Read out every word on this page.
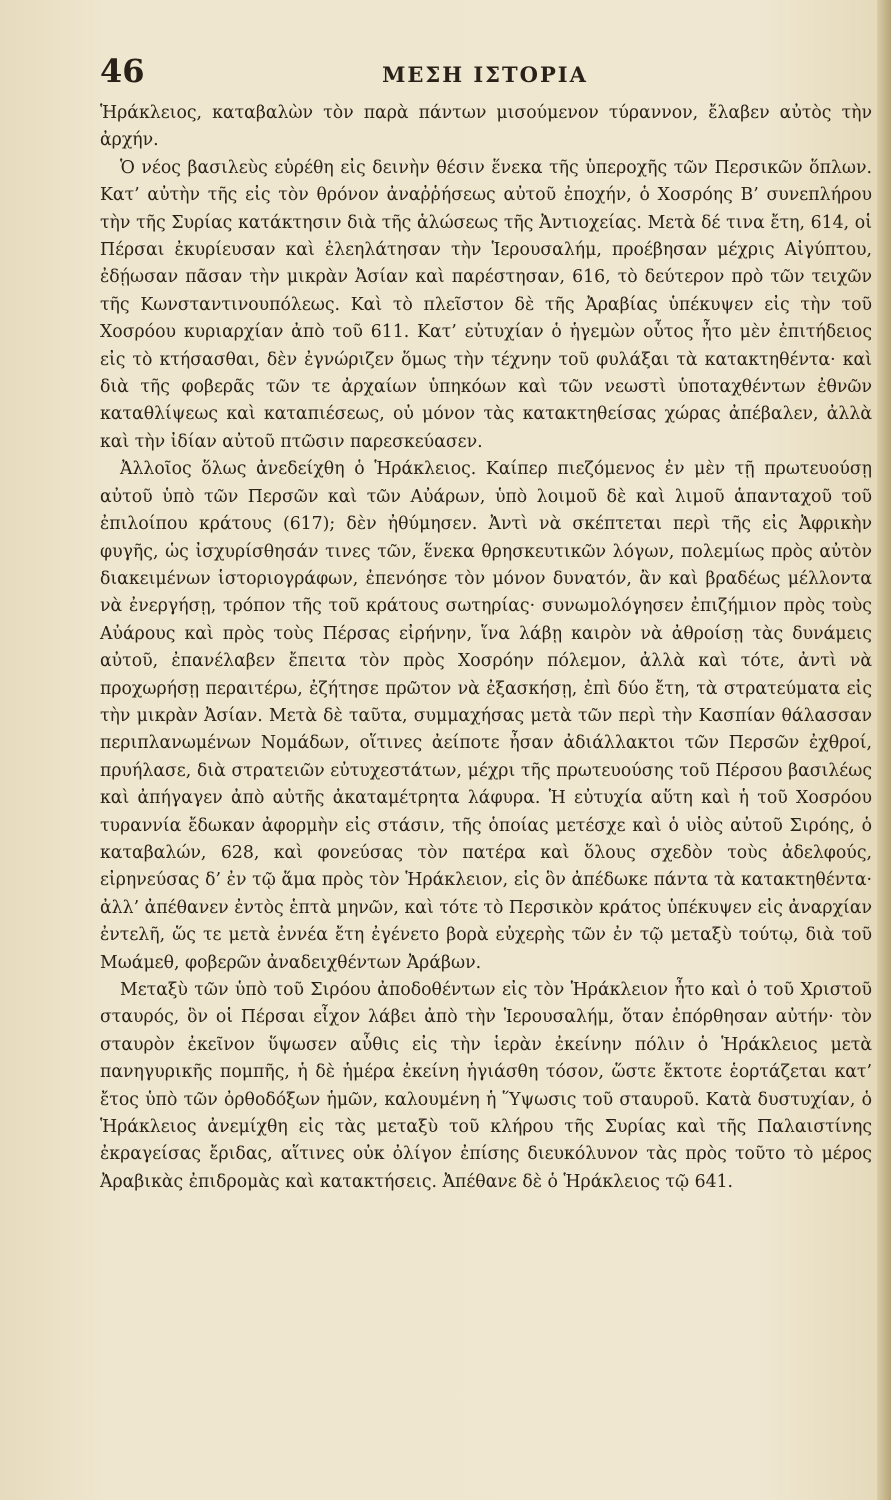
46	ΜΕΣΗ ΙΣΤΟΡΙΑ

Ἡράκλειος, καταβαλὼν τὸν παρὰ πάντων μισούμενον τύραννον, ἔλαβεν αὐτὸς τὴν ἀρχήν.

Ὁ νέος βασιλεὺς εὑρέθη εἰς δεινὴν θέσιν ἕνεκα τῆς ὑπεροχῆς τῶν Περσικῶν ὅπλων. Κατ’ αὐτὴν τῆς εἰς τὸν θρόνον ἀναῤῥήσεως αὐτοῦ ἐποχήν, ὁ Χοσρόης Β’ συνεπλήρου τὴν τῆς Συρίας κατάκτησιν διὰ τῆς ἁλώσεως τῆς Ἀντιοχείας. Μετὰ δέ τινα ἔτη, 614, οἱ Πέρσαι ἐκυρίευσαν καὶ ἐλεηλάτησαν τὴν Ἱερουσαλήμ, προέβησαν μέχρις Αἰγύπτου, ἐδῄωσαν πᾶσαν τὴν μικρὰν Ἀσίαν καὶ παρέστησαν, 616, τὸ δεύτερον πρὸ τῶν τειχῶν τῆς Κωνσταντινουπόλεως. Καὶ τὸ πλεῖστον δὲ τῆς Ἀραβίας ὑπέκυψεν εἰς τὴν τοῦ Χοσρόου κυριαρχίαν ἀπὸ τοῦ 611. Κατ’ εὐτυχίαν ὁ ἡγεμὼν οὗτος ἦτο μὲν ἐπιτήδειος εἰς τὸ κτήσασθαι, δὲν ἐγνώριζεν ὅμως τὴν τέχνην τοῦ φυλάξαι τὰ κατακτηθέντα· καὶ διὰ τῆς φοβερᾶς τῶν τε ἀρχαίων ὑπηκόων καὶ τῶν νεωστὶ ὑποταχθέντων ἐθνῶν καταθλίψεως καὶ καταπιέσεως, οὐ μόνον τὰς κατακτηθείσας χώρας ἀπέβαλεν, ἀλλὰ καὶ τὴν ἰδίαν αὐτοῦ πτῶσιν παρεσκεύασεν.

Ἀλλοῖος ὅλως ἀνεδείχθη ὁ Ἡράκλειος. Καίπερ πιεζόμενος ἐν μὲν τῇ πρωτευούσῃ αὐτοῦ ὑπὸ τῶν Περσῶν καὶ τῶν Αὐάρων, ὑπὸ λοιμοῦ δὲ καὶ λιμοῦ ἁπανταχοῦ τοῦ ἐπιλοίπου κράτους (617); δὲν ἠθύμησεν. Ἀντὶ νὰ σκέπτεται περὶ τῆς εἰς Ἀφρικὴν φυγῆς, ὡς ἰσχυρίσθησάν τινες τῶν, ἕνεκα θρησκευτικῶν λόγων, πολεμίως πρὸς αὐτὸν διακειμένων ἱστοριογράφων, ἐπενόησε τὸν μόνον δυνατόν, ἂν καὶ βραδέως μέλλοντα νὰ ἐνεργήσῃ, τρόπον τῆς τοῦ κράτους σωτηρίας· συνωμολόγησεν ἐπιζήμιον πρὸς τοὺς Αὐάρους καὶ πρὸς τοὺς Πέρσας εἰρήνην, ἵνα λάβῃ καιρὸν νὰ ἀθροίσῃ τὰς δυνάμεις αὐτοῦ, ἐπανέλαβεν ἔπειτα τὸν πρὸς Χοσρόην πόλεμον, ἀλλὰ καὶ τότε, ἀντὶ νὰ προχωρήσῃ περαιτέρω, ἐζήτησε πρῶτον νὰ ἐξασκήσῃ, ἐπὶ δύο ἔτη, τὰ στρατεύματα εἰς τὴν μικρὰν Ἀσίαν. Μετὰ δὲ ταῦτα, συμμαχήσας μετὰ τῶν περὶ τὴν Κασπίαν θάλασσαν περιπλανωμένων Νομάδων, οἵτινες ἀείποτε ἦσαν ἀδιάλλακτοι τῶν Περσῶν ἐχθροί, πρυήλασε, διὰ στρατειῶν εὐτυχεστάτων, μέχρι τῆς πρωτευούσης τοῦ Πέρσου βασιλέως καὶ ἀπήγαγεν ἀπὸ αὐτῆς ἀκαταμέτρητα λάφυρα. Ἡ εὐτυχία αὕτη καὶ ἡ τοῦ Χοσρόου τυραννία ἔδωκαν ἀφορμὴν εἰς στάσιν, τῆς ὁποίας μετέσχε καὶ ὁ υἱὸς αὐτοῦ Σιρόης, ὁ καταβαλών, 628, καὶ φονεύσας τὸν πατέρα καὶ ὅλους σχεδὸν τοὺς ἀδελφούς, εἰρηνεύσας δ’ ἐν τῷ ἅμα πρὸς τὸν Ἡράκλειον, εἰς ὃν ἀπέδωκε πάντα τὰ κατακτηθέντα· ἀλλ’ ἀπέθανεν ἐντὸς ἑπτὰ μηνῶν, καὶ τότε τὸ Περσικὸν κράτος ὑπέκυψεν εἰς ἀναρχίαν ἐντελῆ, ὥς τε μετὰ ἐννέα ἔτη ἐγένετο βορὰ εὐχερὴς τῶν ἐν τῷ μεταξὺ τούτῳ, διὰ τοῦ Μωάμεθ, φοβερῶν ἀναδειχθέντων Ἀράβων.

Μεταξὺ τῶν ὑπὸ τοῦ Σιρόου ἀποδοθέντων εἰς τὸν Ἡράκλειον ἦτο καὶ ὁ τοῦ Χριστοῦ σταυρός, ὃν οἱ Πέρσαι εἶχον λάβει ἀπὸ τὴν Ἱερουσαλήμ, ὅταν ἐπόρθησαν αὐτήν· τὸν σταυρὸν ἐκεῖνον ὕψωσεν αὖθις εἰς τὴν ἱερὰν ἐκείνην πόλιν ὁ Ἡράκλειος μετὰ πανηγυρικῆς πομπῆς, ἡ δὲ ἡμέρα ἐκείνη ἡγιάσθη τόσον, ὥστε ἔκτοτε ἑορτάζεται κατ’ ἔτος ὑπὸ τῶν ὀρθοδόξων ἡμῶν, καλουμένη ἡ Ὕψωσις τοῦ σταυροῦ. Κατὰ δυστυχίαν, ὁ Ἡράκλειος ἀνεμίχθη εἰς τὰς μεταξὺ τοῦ κλήρου τῆς Συρίας καὶ τῆς Παλαιστίνης ἐκραγείσας ἔριδας, αἵτινες οὐκ ὀλίγον ἐπίσης διευκόλυνον τὰς πρὸς τοῦτο τὸ μέρος Ἀραβικὰς ἐπιδρομὰς καὶ κατακτήσεις. Ἀπέθανε δὲ ὁ Ἡράκλειος τῷ 641.
